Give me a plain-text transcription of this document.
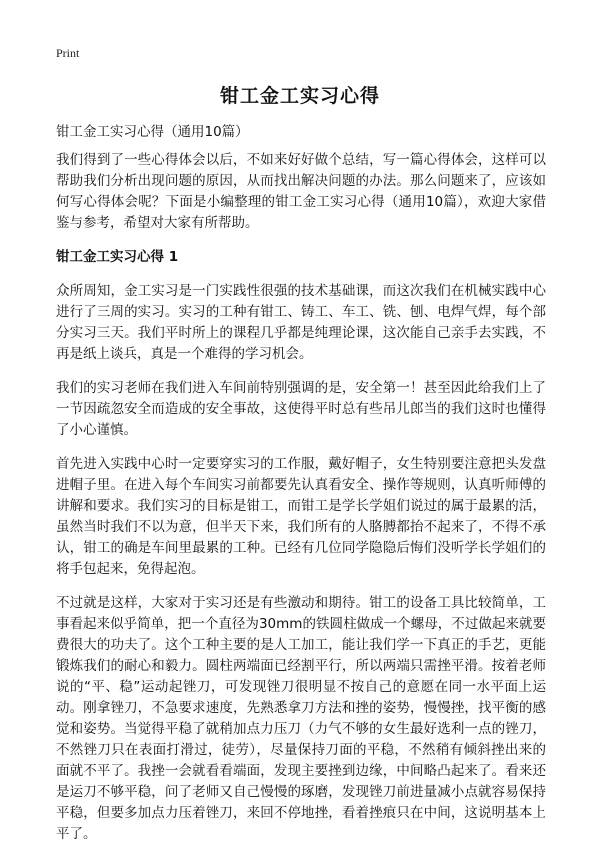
Print
钳工金工实习心得
钳工金工实习心得（通用10篇）

我们得到了一些心得体会以后，不如来好好做个总结，写一篇心得体会，这样可以帮助我们分析出现问题的原因，从而找出解决问题的办法。那么问题来了，应该如何写心得体会呢？下面是小编整理的钳工金工实习心得（通用10篇），欢迎大家借鉴与参考，希望对大家有所帮助。

钳工金工实习心得 1

众所周知，金工实习是一门实践性很强的技术基础课，而这次我们在机械实践中心进行了三周的实习。实习的工种有钳工、铸工、车工、铣、刨、电焊气焊，每个部分实习三天。我们平时所上的课程几乎都是纯理论课，这次能自己亲手去实践，不再是纸上谈兵，真是一个难得的学习机会。

我们的实习老师在我们进入车间前特别强调的是，安全第一！甚至因此给我们上了一节因疏忽安全而造成的安全事故，这使得平时总有些吊儿郎当的我们这时也懂得了小心谨慎。

首先进入实践中心时一定要穿实习的工作服，戴好帽子，女生特别要注意把头发盘进帽子里。在进入每个车间实习前都要先认真看安全、操作等规则，认真听师傅的讲解和要求。我们实习的目标是钳工，而钳工是学长学姐们说过的属于最累的活，虽然当时我们不以为意，但半天下来，我们所有的人胳膊都抬不起来了，不得不承认，钳工的确是车间里最累的工种。已经有几位同学隐隐后悔们没听学长学姐们的将手包起来，免得起泡。

不过就是这样，大家对于实习还是有些激动和期待。钳工的设备工具比较简单，工事看起来似乎简单，把一个直径为30mm的铁圆柱做成一个螺母，不过做起来就要费很大的功夫了。这个工种主要的是人工加工，能让我们学一下真正的手艺，更能锻炼我们的耐心和毅力。圆柱两端面已经割平行，所以两端只需挫平滑。按着老师说的“平、稳”运动起锉刀，可发现锉刀很明显不按自己的意愿在同一水平面上运动。刚拿锉刀，不急要求速度，先熟悉拿刀方法和挫的姿势，慢慢挫，找平衡的感觉和姿势。当觉得平稳了就稍加点力压刀（力气不够的女生最好选利一点的锉刀，不然锉刀只在表面打滑过，徒劳），尽量保持刀面的平稳，不然稍有倾斜挫出来的面就不平了。我挫一会就看看端面，发现主要挫到边缘，中间略凸起来了。看来还是运刀不够平稳，问了老师又自己慢慢的琢磨，发现锉刀前进量减小点就容易保持平稳，但要多加点力压着锉刀，来回不停地挫，看着挫痕只在中间，这说明基本上平了。
